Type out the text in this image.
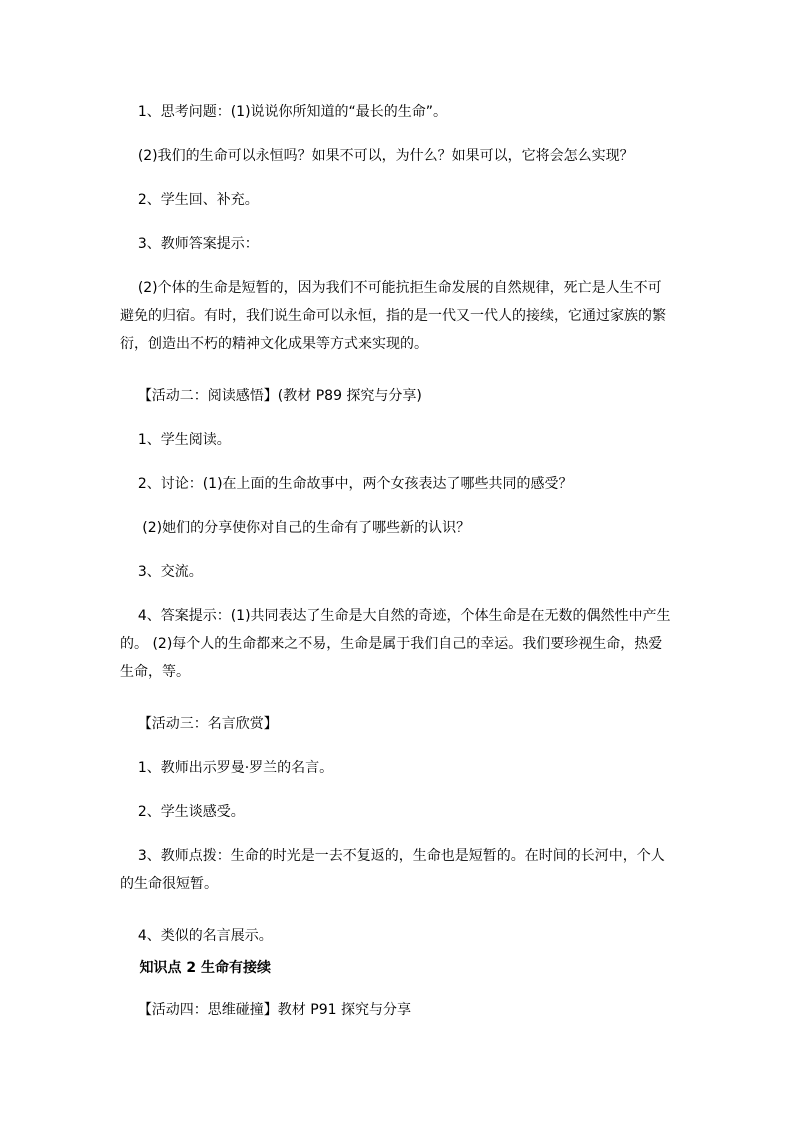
1、思考问题：(1)说说你所知道的“最长的生命”。

(2)我们的生命可以永恒吗？如果不可以，为什么？如果可以，它将会怎么实现？

2、学生回、补充。

3、教师答案提示：

(2)个体的生命是短暂的，因为我们不可能抗拒生命发展的自然规律，死亡是人生不可避免的归宿。有时，我们说生命可以永恒，指的是一代又一代人的接续，它通过家族的繁衍，创造出不朽的精神文化成果等方式来实现的。

【活动二：阅读感悟】(教材 P89 探究与分享)

1、学生阅读。

2、讨论：(1)在上面的生命故事中，两个女孩表达了哪些共同的感受？

(2)她们的分享使你对自己的生命有了哪些新的认识？

3、交流。

4、答案提示：(1)共同表达了生命是大自然的奇迹，个体生命是在无数的偶然性中产生的。 (2)每个人的生命都来之不易，生命是属于我们自己的幸运。我们要珍视生命，热爱生命，等。

【活动三：名言欣赏】

1、教师出示罗曼·罗兰的名言。

2、学生谈感受。

3、教师点拨：生命的时光是一去不复返的，生命也是短暂的。在时间的长河中，个人的生命很短暂。

4、类似的名言展示。

知识点 2 生命有接续

【活动四：思维碰撞】教材 P91 探究与分享
